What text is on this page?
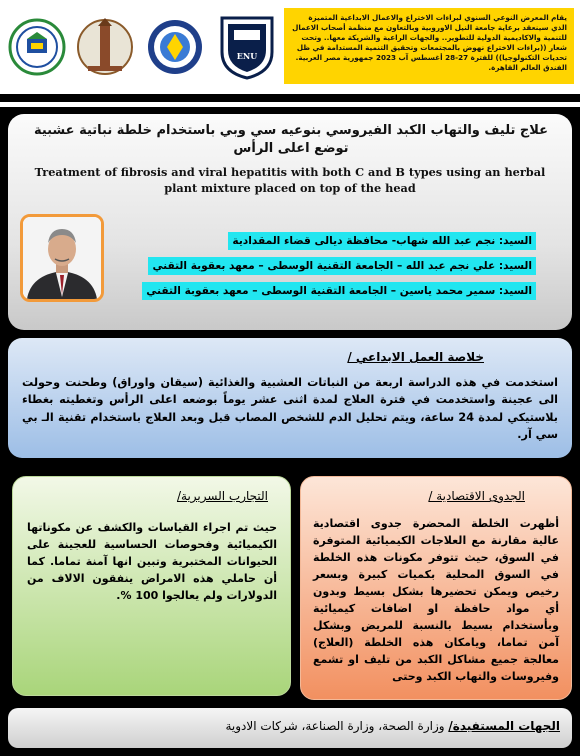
ENU
يقام المعرض النوعي السنوي لبراءات الاختراع والاعمال الابداعية المتميزة الذي سينعقد برعاية جامعة النيل الاوروبية وبالتعاون مع منظمة أصحاب الاعمال للتنمية والاكاديمية الدولية للتطوير.. والجهات الراعية والشريكة معها.. وتحت شعار ((براءات الاختراع نهوض بالمجتمعات وتحقيق التنمية المستدامة في ظل تحديات التكنولوجيا)) للفترة 27-28 أغسطس آب 2023 جمهورية مصر العربية. الفندق العالم القاهرة.
علاج تليف والتهاب الكبد الفيروسي بنوعيه سي وبي باستخدام خلطة نباتية عشبية توضع اعلى الرأس
Treatment of fibrosis and viral hepatitis with both C and B types using an herbal plant mixture placed on top of the head
السيد: نجم عبد الله شهاب- محافظة ديالى قضاء المقدادية
السيد: علي نجم عبد الله – الجامعة التقنية الوسطى – معهد بعقوبة التقني
السيد: سمير محمد ياسين – الجامعة التقنية الوسطى – معهد بعقوبة التقني
خلاصة العمل الابداعي /
استخدمت في هذه الدراسة اربعة من النباتات العشبية والغذائية (سيقان واوراق) وطحنت وحولت الى عجينة واستخدمت في فترة العلاج لمدة اثنى عشر يوماً بوضعه اعلى الرأس وتغطيته بغطاء بلاستيكي لمدة 24 ساعة، ويتم تحليل الدم للشخص المصاب قبل وبعد العلاج باستخدام تقنية الـ بي سي آر.
التجارب السريرية/
حيث تم اجراء القياسات والكشف عن مكوناتها الكيميائية وفحوصات الحساسية للعجينة على الحيوانات المختبرية وتبين انها آمنة تماما. كما أن حاملي هذه الامراض ينفقون الالاف من الدولارات ولم يعالجوا 100 %.
الجدوى الاقتصادية /
أظهرت الخلطة المحضرة جدوى اقتصادية عالية مقارنة مع العلاجات الكيميائية المتوفرة في السوق، حيث تتوفر مكونات هذه الخلطة في السوق المحلية بكميات كبيرة وبسعر رخيص ويمكن تحضيرها بشكل بسيط وبدون أي مواد حافظة او اضافات كيميائية وبأستخدام بسيط بالنسبة للمريض وبشكل آمن تماما، ويامكان هذه الخلطة (العلاج) معالجة جميع مشاكل الكبد من تليف او تشمع وفيروسات والتهاب الكبد وحتى
الجهات المستفيدة/ وزارة الصحة، وزارة الصناعة، شركات الادوية
